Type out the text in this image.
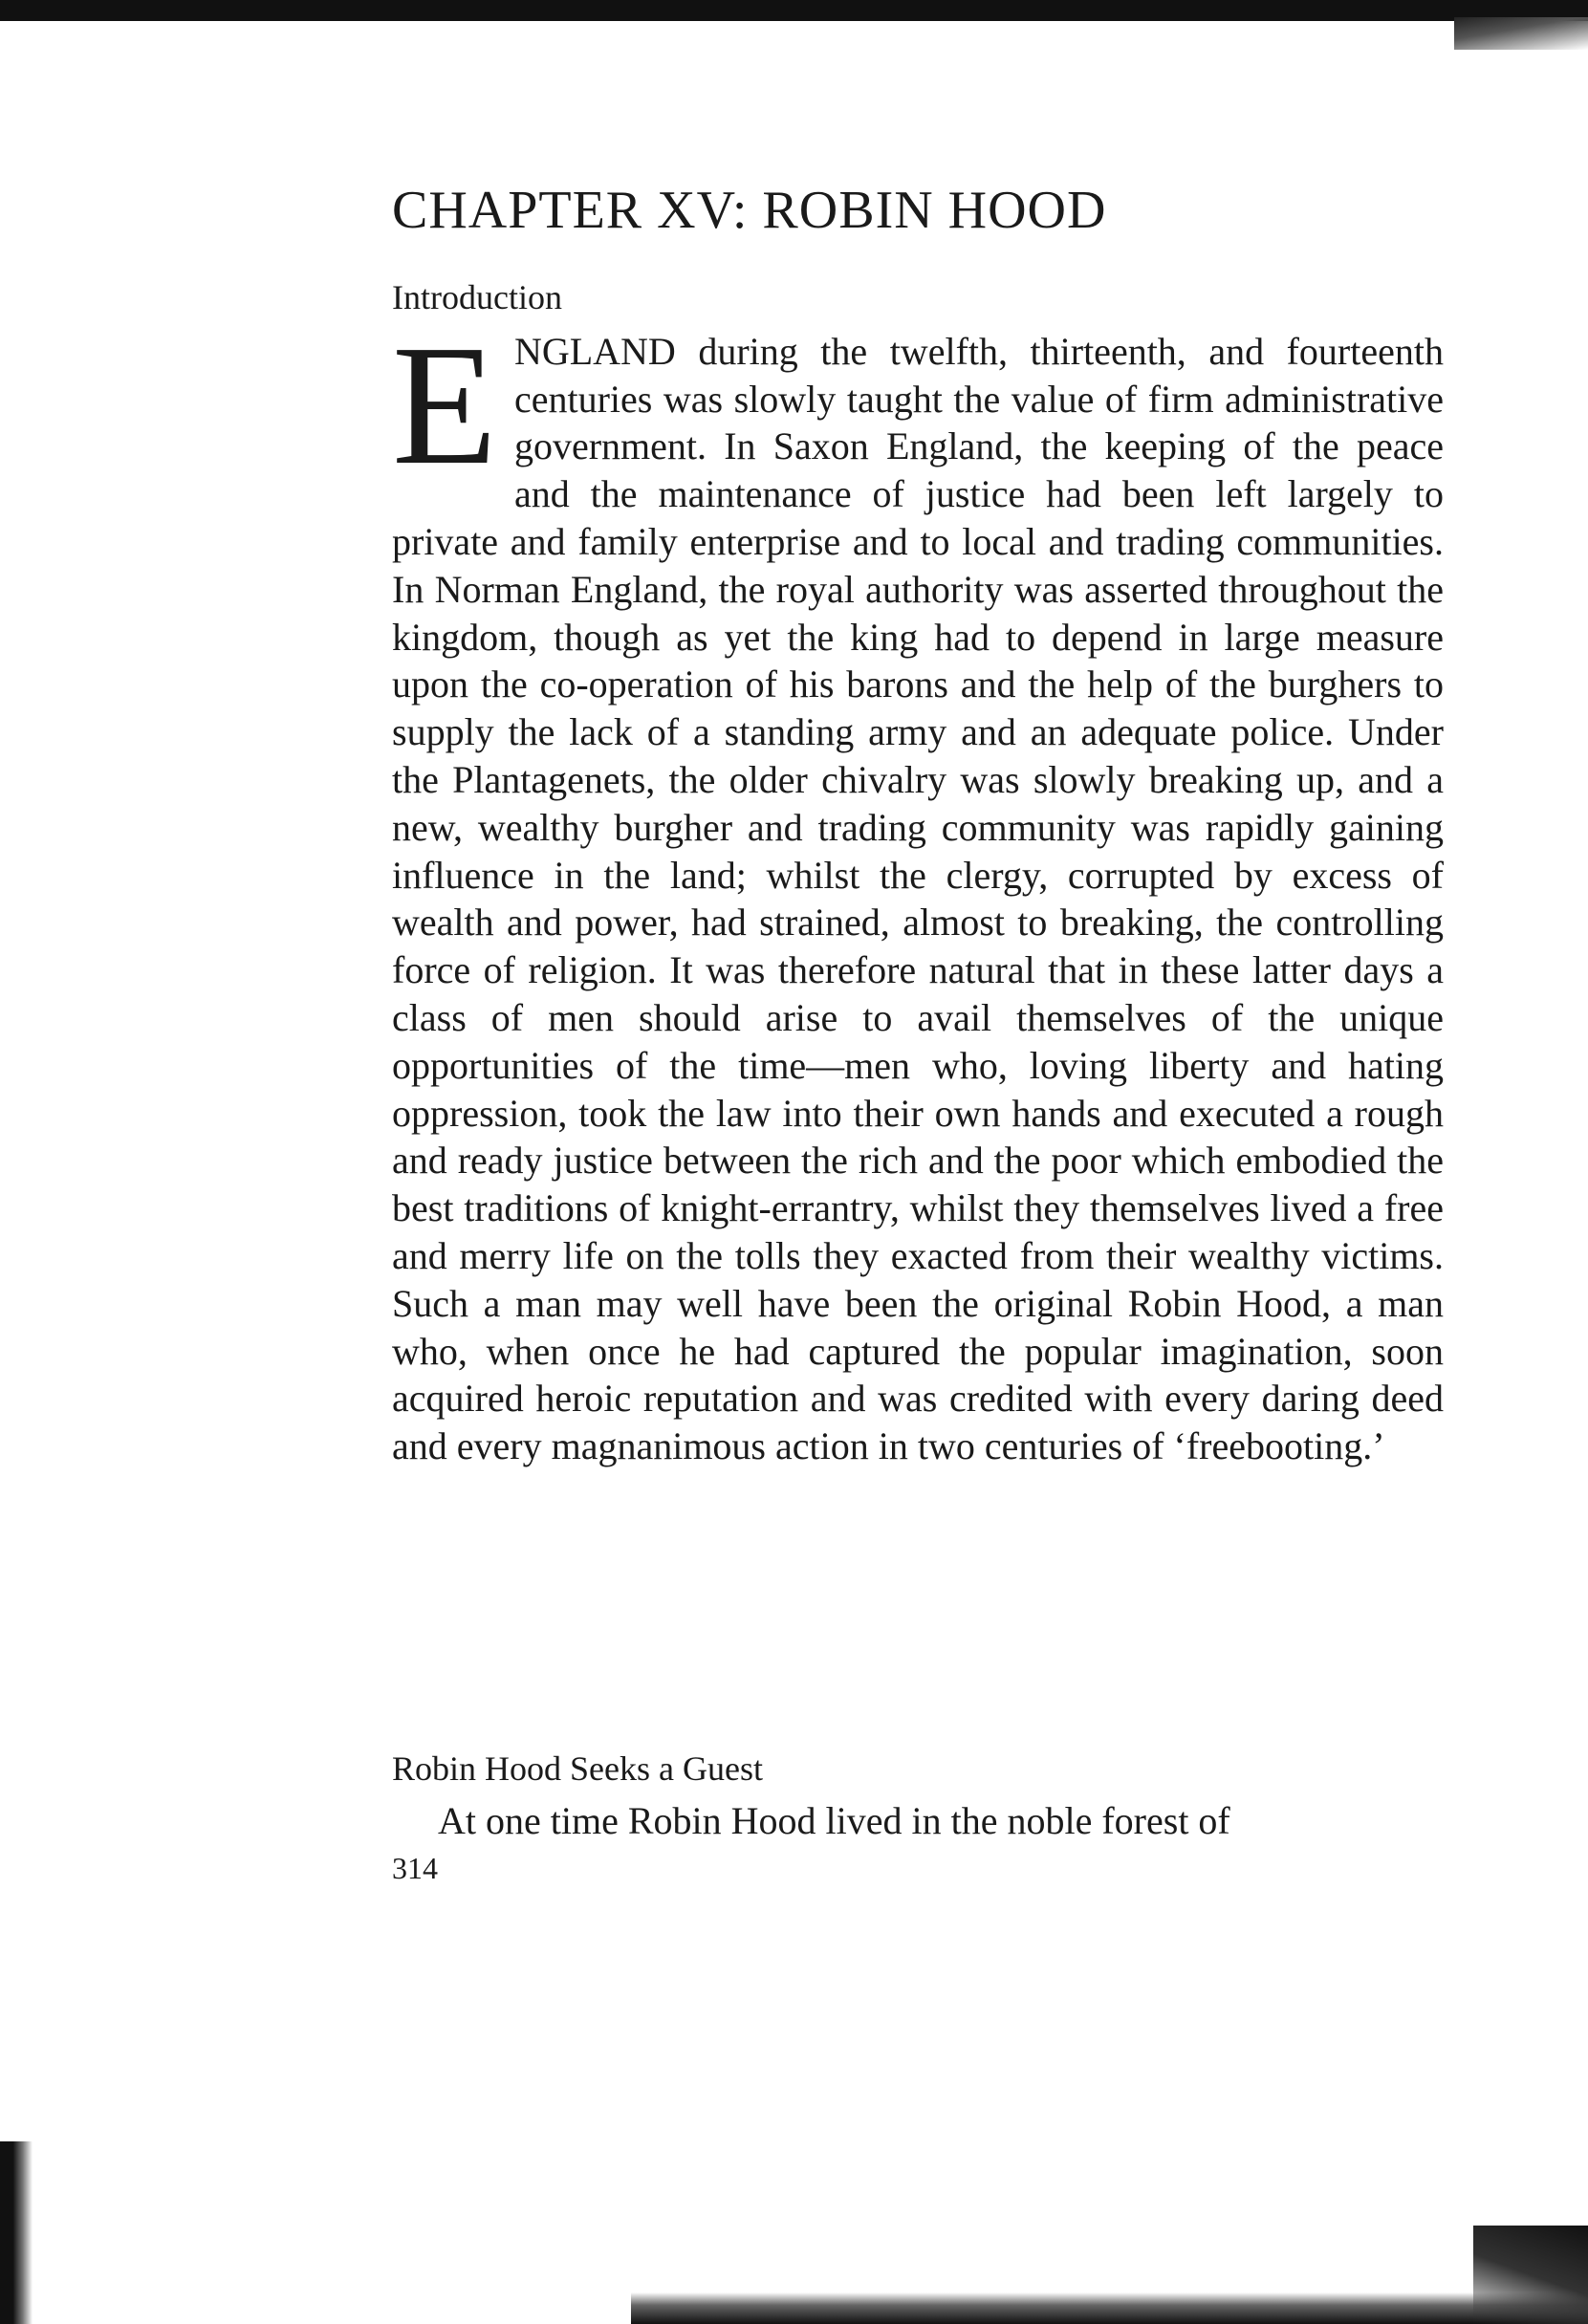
CHAPTER XV: ROBIN HOOD
Introduction
E NGLAND during the twelfth, thirteenth, and fourteenth centuries was slowly taught the value of firm administrative government. In Saxon England, the keeping of the peace and the maintenance of justice had been left largely to private and family enterprise and to local and trading communities. In Norman England, the royal authority was asserted throughout the kingdom, though as yet the king had to depend in large measure upon the co-operation of his barons and the help of the burghers to supply the lack of a standing army and an adequate police. Under the Plantagenets, the older chivalry was slowly breaking up, and a new, wealthy burgher and trading community was rapidly gaining influence in the land; whilst the clergy, corrupted by excess of wealth and power, had strained, almost to breaking, the controlling force of religion. It was therefore natural that in these latter days a class of men should arise to avail themselves of the unique opportunities of the time—men who, loving liberty and hating oppression, took the law into their own hands and executed a rough and ready justice between the rich and the poor which embodied the best traditions of knight-errantry, whilst they themselves lived a free and merry life on the tolls they exacted from their wealthy victims. Such a man may well have been the original Robin Hood, a man who, when once he had captured the popular imagination, soon acquired heroic reputation and was credited with every daring deed and every magnanimous action in two centuries of ‘freebooting.’

Robin Hood Seeks a Guest

At one time Robin Hood lived in the noble forest of

314
